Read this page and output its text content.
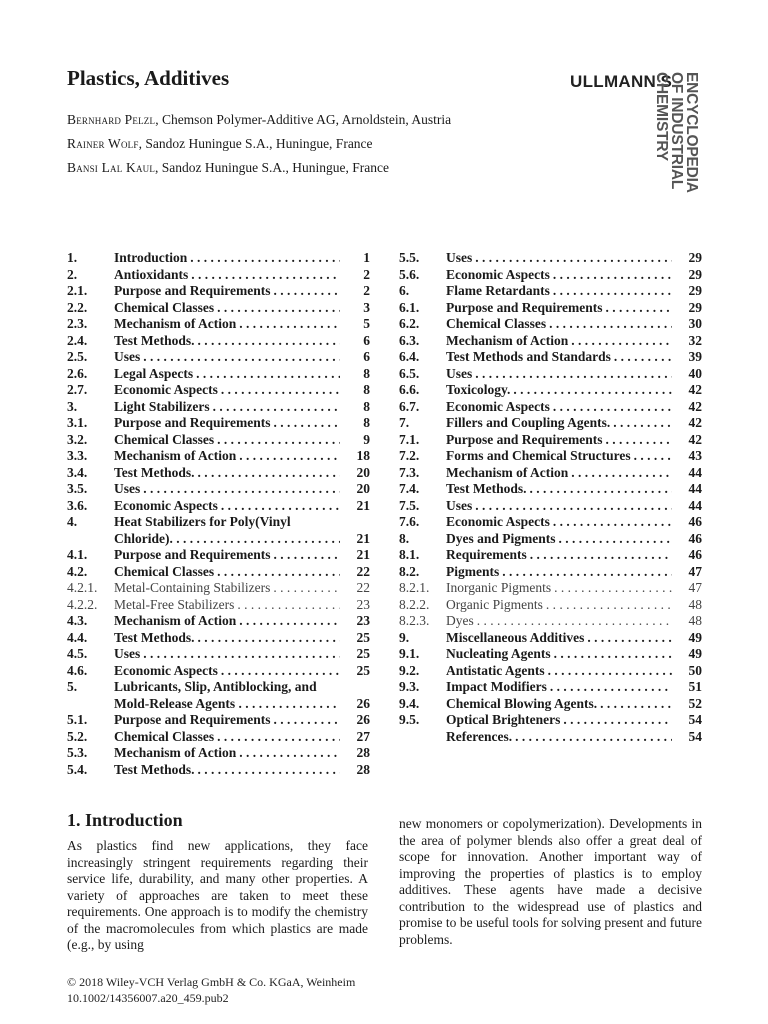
Plastics, Additives
Bernhard Pelzl, Chemson Polymer-Additive AG, Arnoldstein, Austria
Rainer Wolf, Sandoz Huningue S.A., Huningue, France
Bansi Lal Kaul, Sandoz Huningue S.A., Huningue, France
ULLMANN'S ENCYCLOPEDIA OF INDUSTRIAL CHEMISTRY
1.	Introduction . . .	1
2.	Antioxidants . . .	2
2.1.	Purpose and Requirements . . .	2
2.2.	Chemical Classes . . .	3
2.3.	Mechanism of Action . . .	5
2.4.	Test Methods. . . .	6
2.5.	Uses . . .	6
2.6.	Legal Aspects . . .	8
2.7.	Economic Aspects . . .	8
3.	Light Stabilizers . . .	8
3.1.	Purpose and Requirements . . .	8
3.2.	Chemical Classes . . .	9
3.3.	Mechanism of Action . . .	18
3.4.	Test Methods. . . .	20
3.5.	Uses . . .	20
3.6.	Economic Aspects . . .	21
4.	Heat Stabilizers for Poly(Vinyl
Chloride). . . .	21
4.1.	Purpose and Requirements . . .	21
4.2.	Chemical Classes . . .	22
4.2.1.	Metal-Containing Stabilizers . . .	22
4.2.2.	Metal-Free Stabilizers . . .	23
4.3.	Mechanism of Action . . .	23
4.4.	Test Methods. . . .	25
4.5.	Uses . . .	25
4.6.	Economic Aspects . . .	25
5.	Lubricants, Slip, Antiblocking, and
Mold-Release Agents . . .	26
5.1.	Purpose and Requirements . . .	26
5.2.	Chemical Classes . . .	27
5.3.	Mechanism of Action . . .	28
5.4.	Test Methods. . . .	28
5.5.	Uses . . .	29
5.6.	Economic Aspects . . .	29
6.	Flame Retardants . . .	29
6.1.	Purpose and Requirements . . .	29
6.2.	Chemical Classes . . .	30
6.3.	Mechanism of Action . . .	32
6.4.	Test Methods and Standards . . .	39
6.5.	Uses . . .	40
6.6.	Toxicology. . . .	42
6.7.	Economic Aspects . . .	42
7.	Fillers and Coupling Agents. . . .	42
7.1.	Purpose and Requirements . . .	42
7.2.	Forms and Chemical Structures . . .	43
7.3.	Mechanism of Action . . .	44
7.4.	Test Methods. . . .	44
7.5.	Uses . . .	44
7.6.	Economic Aspects . . .	46
8.	Dyes and Pigments . . .	46
8.1.	Requirements . . .	46
8.2.	Pigments . . .	47
8.2.1.	Inorganic Pigments . . .	47
8.2.2.	Organic Pigments . . .	48
8.2.3.	Dyes . . .	48
9.	Miscellaneous Additives . . .	49
9.1.	Nucleating Agents . . .	49
9.2.	Antistatic Agents . . .	50
9.3.	Impact Modifiers . . .	51
9.4.	Chemical Blowing Agents. . . .	52
9.5.	Optical Brighteners . . .	54
References. . . .	54
1. Introduction

As plastics find new applications, they face increasingly stringent requirements regarding their service life, durability, and many other properties. A variety of approaches are taken to meet these requirements. One approach is to modify the chemistry of the macromolecules from which plastics are made (e.g., by using

new monomers or copolymerization). Developments in the area of polymer blends also offer a great deal of scope for innovation. Another important way of improving the properties of plastics is to employ additives. These agents have made a decisive contribution to the widespread use of plastics and promise to be useful tools for solving present and future problems.

© 2018 Wiley-VCH Verlag GmbH & Co. KGaA, Weinheim
10.1002/14356007.a20_459.pub2
